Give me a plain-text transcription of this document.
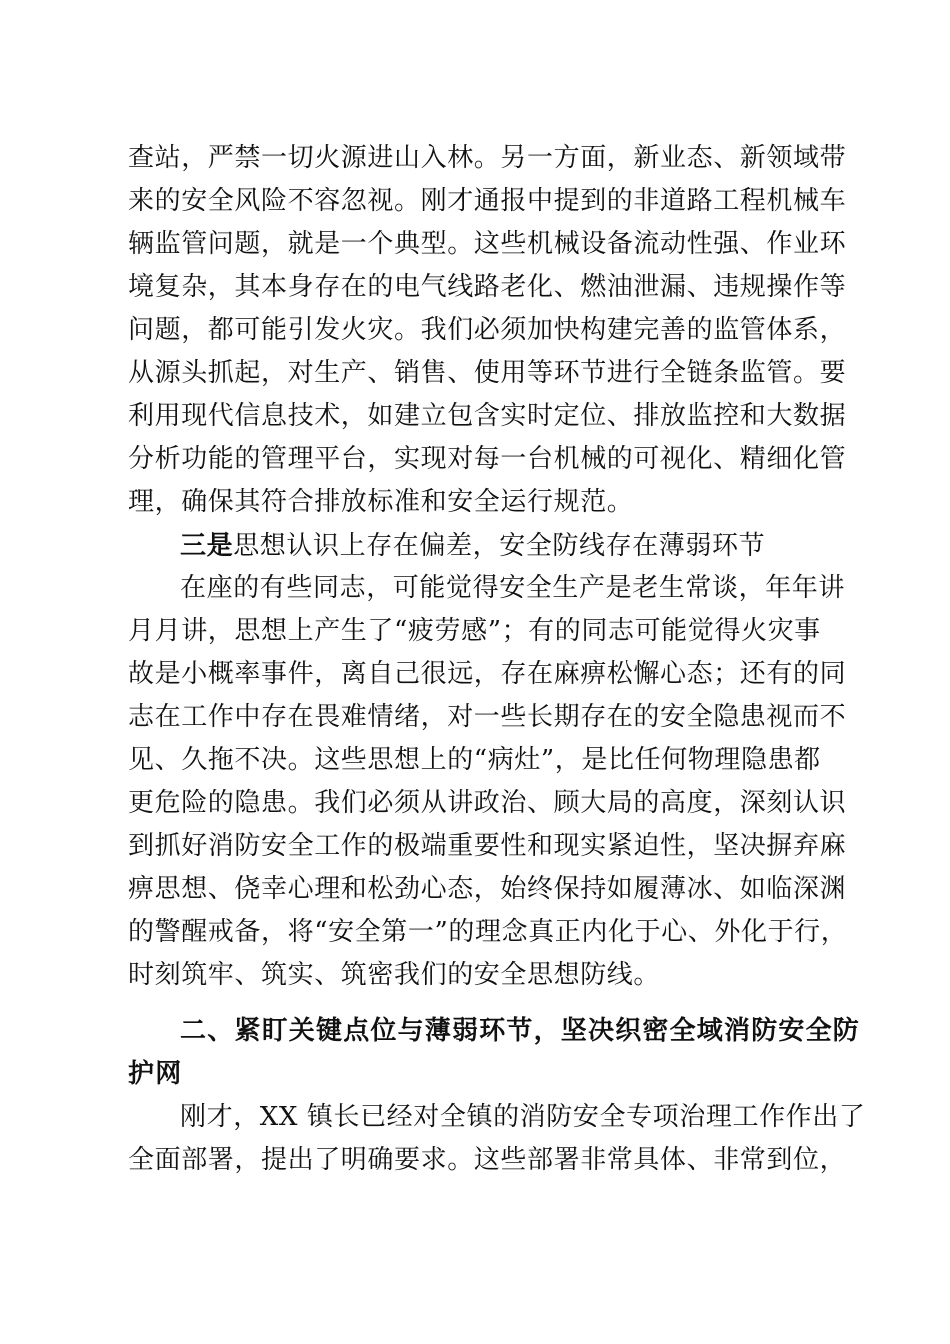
查站，严禁一切火源进山入林。另一方面，新业态、新领域带
来的安全风险不容忽视。刚才通报中提到的非道路工程机械车
辆监管问题，就是一个典型。这些机械设备流动性强、作业环
境复杂，其本身存在的电气线路老化、燃油泄漏、违规操作等
问题，都可能引发火灾。我们必须加快构建完善的监管体系，
从源头抓起，对生产、销售、使用等环节进行全链条监管。要
利用现代信息技术，如建立包含实时定位、排放监控和大数据
分析功能的管理平台，实现对每一台机械的可视化、精细化管
理，确保其符合排放标准和安全运行规范。
三是思想认识上存在偏差，安全防线存在薄弱环节
在座的有些同志，可能觉得安全生产是老生常谈，年年讲
月月讲，思想上产生了“疲劳感”；有的同志可能觉得火灾事
故是小概率事件，离自己很远，存在麻痹松懈心态；还有的同
志在工作中存在畏难情绪，对一些长期存在的安全隐患视而不
见、久拖不决。这些思想上的“病灶”，是比任何物理隐患都
更危险的隐患。我们必须从讲政治、顾大局的高度，深刻认识
到抓好消防安全工作的极端重要性和现实紧迫性，坚决摒弃麻
痹思想、侥幸心理和松劲心态，始终保持如履薄冰、如临深渊
的警醒戒备，将“安全第一”的理念真正内化于心、外化于行，
时刻筑牢、筑实、筑密我们的安全思想防线。
二、紧盯关键点位与薄弱环节，坚决织密全域消防安全防
护网
刚才，XX 镇长已经对全镇的消防安全专项治理工作作出了
全面部署，提出了明确要求。这些部署非常具体、非常到位，
